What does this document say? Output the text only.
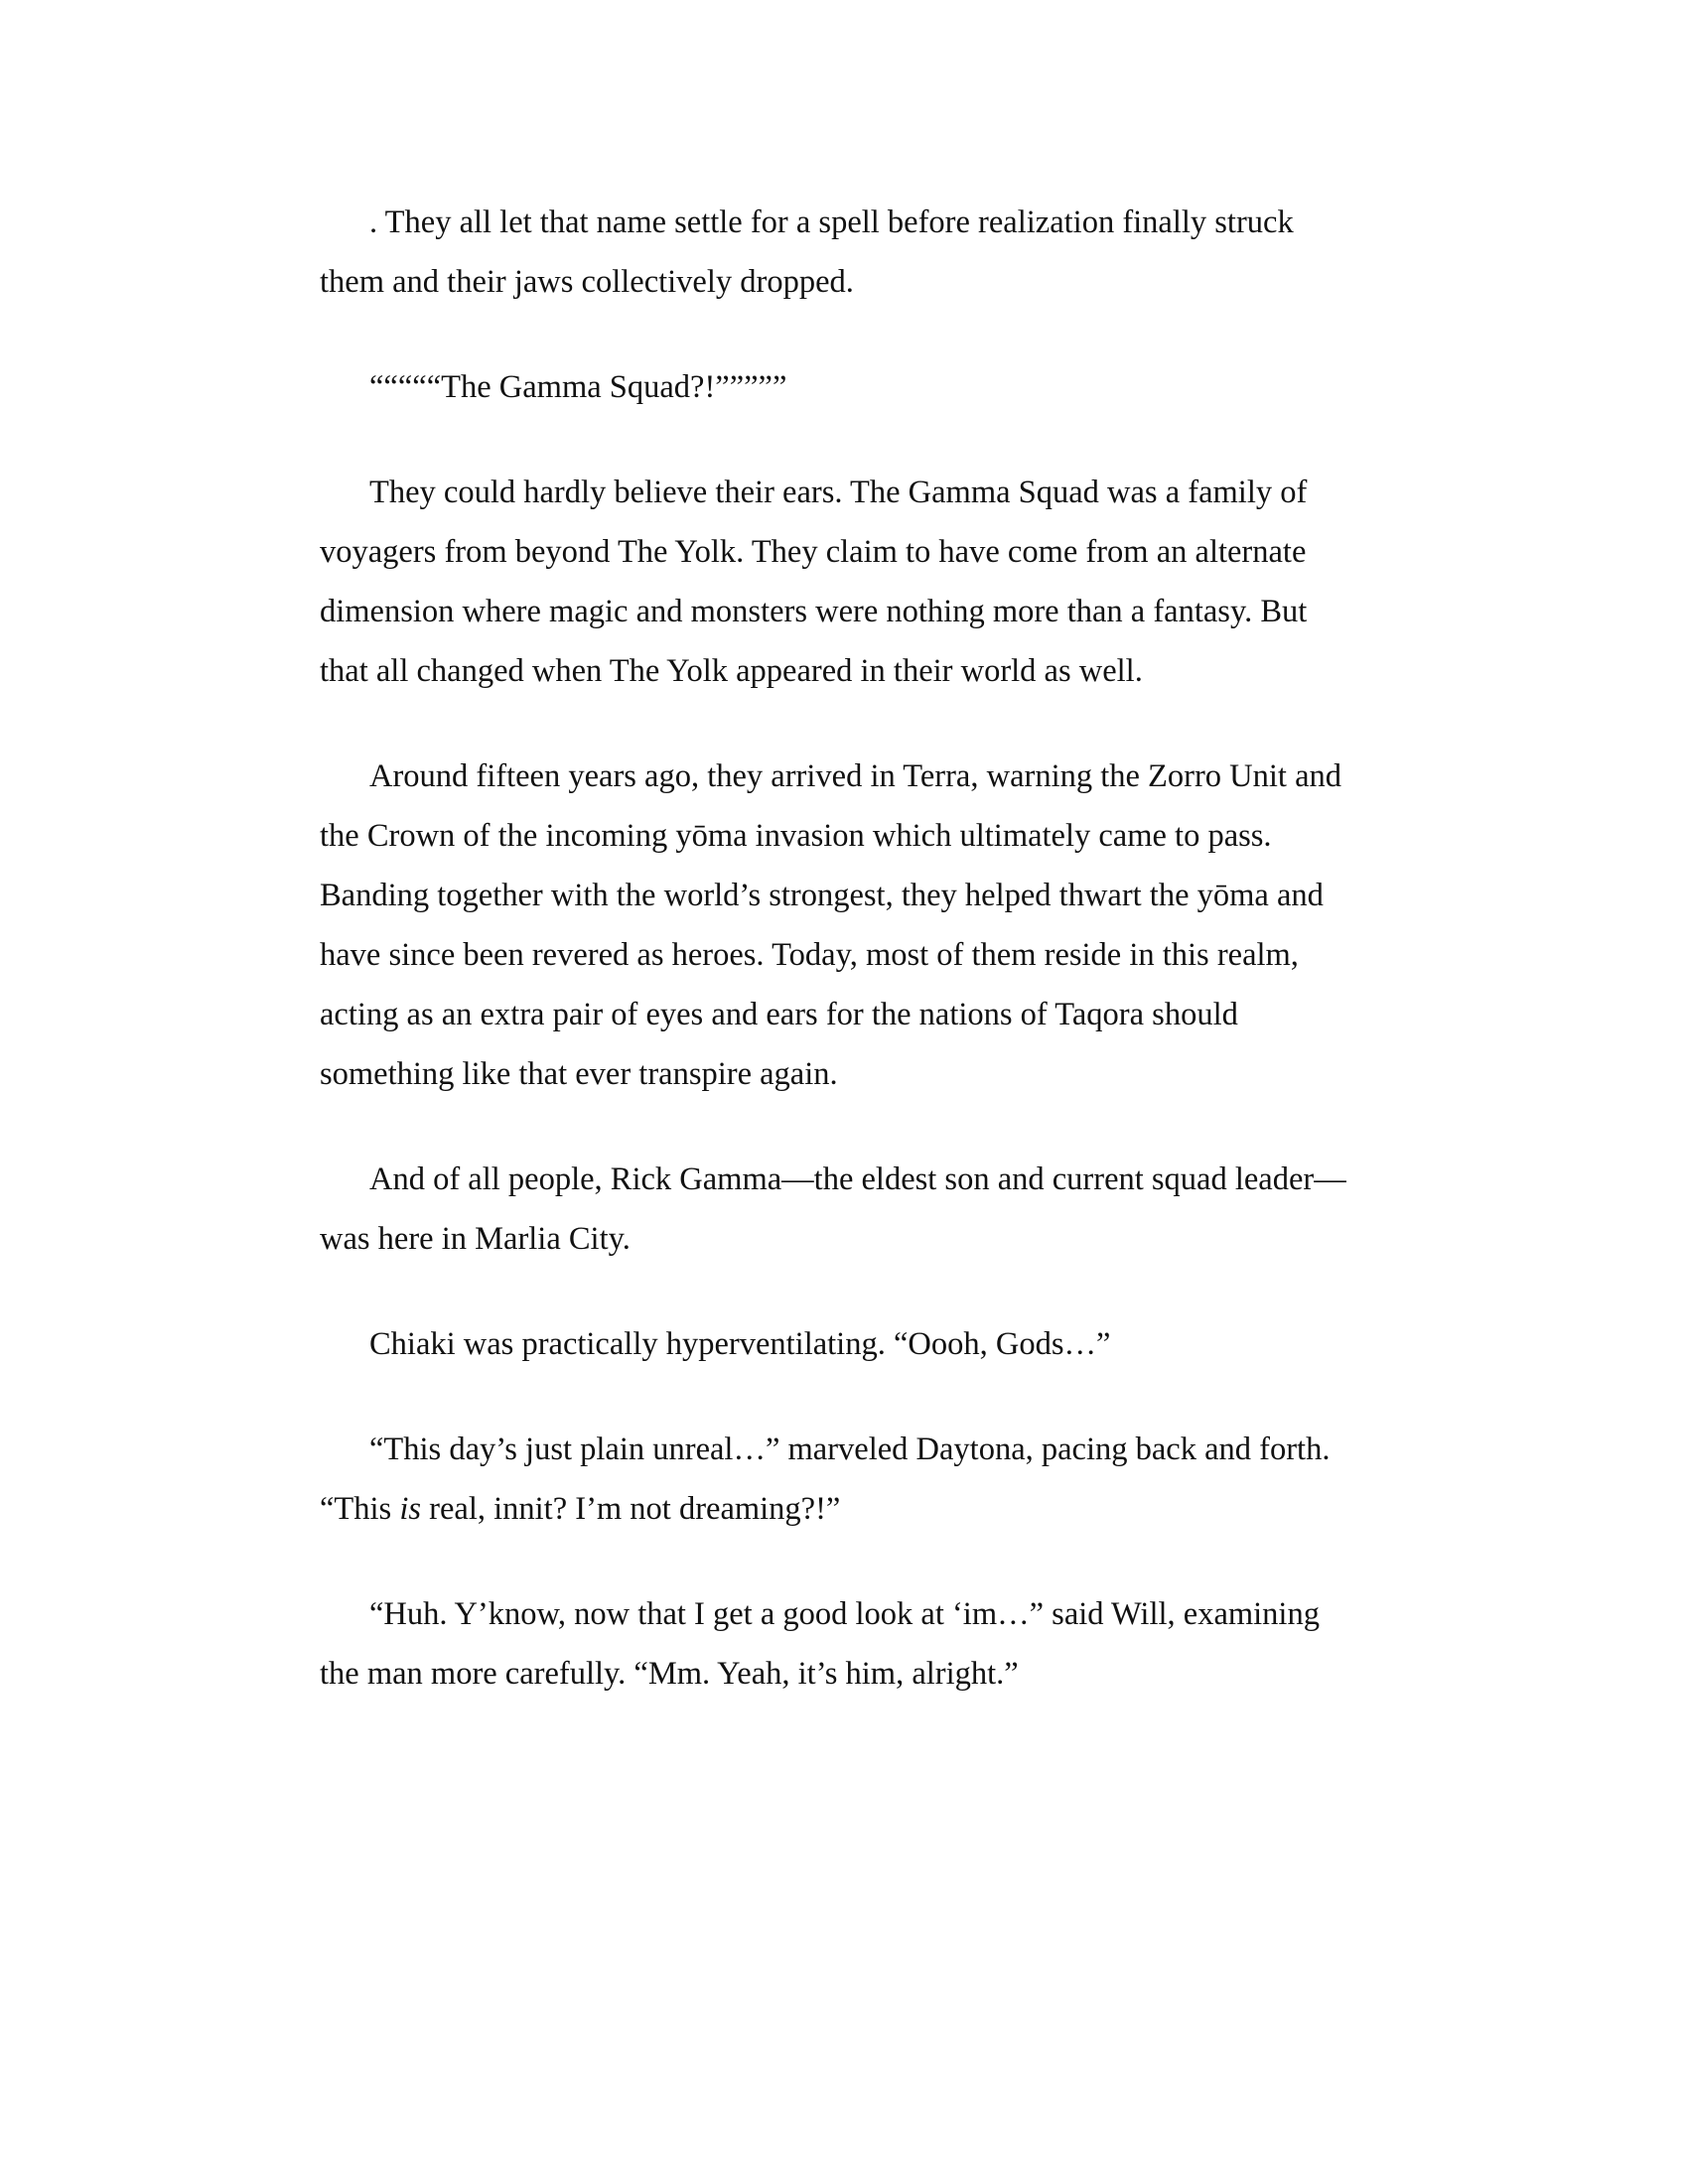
. They all let that name settle for a spell before realization finally struck them and their jaws collectively dropped.

“““““The Gamma Squad?!”””””

They could hardly believe their ears. The Gamma Squad was a family of voyagers from beyond The Yolk. They claim to have come from an alternate dimension where magic and monsters were nothing more than a fantasy. But that all changed when The Yolk appeared in their world as well.

Around fifteen years ago, they arrived in Terra, warning the Zorro Unit and the Crown of the incoming yōma invasion which ultimately came to pass. Banding together with the world’s strongest, they helped thwart the yōma and have since been revered as heroes. Today, most of them reside in this realm, acting as an extra pair of eyes and ears for the nations of Taqora should something like that ever transpire again.

And of all people, Rick Gamma—the eldest son and current squad leader—was here in Marlia City.

Chiaki was practically hyperventilating. “Oooh, Gods…”

“This day’s just plain unreal…” marveled Daytona, pacing back and forth. “This is real, innit? I’m not dreaming?!”

“Huh. Y’know, now that I get a good look at ‘im…” said Will, examining the man more carefully. “Mm. Yeah, it’s him, alright.”
